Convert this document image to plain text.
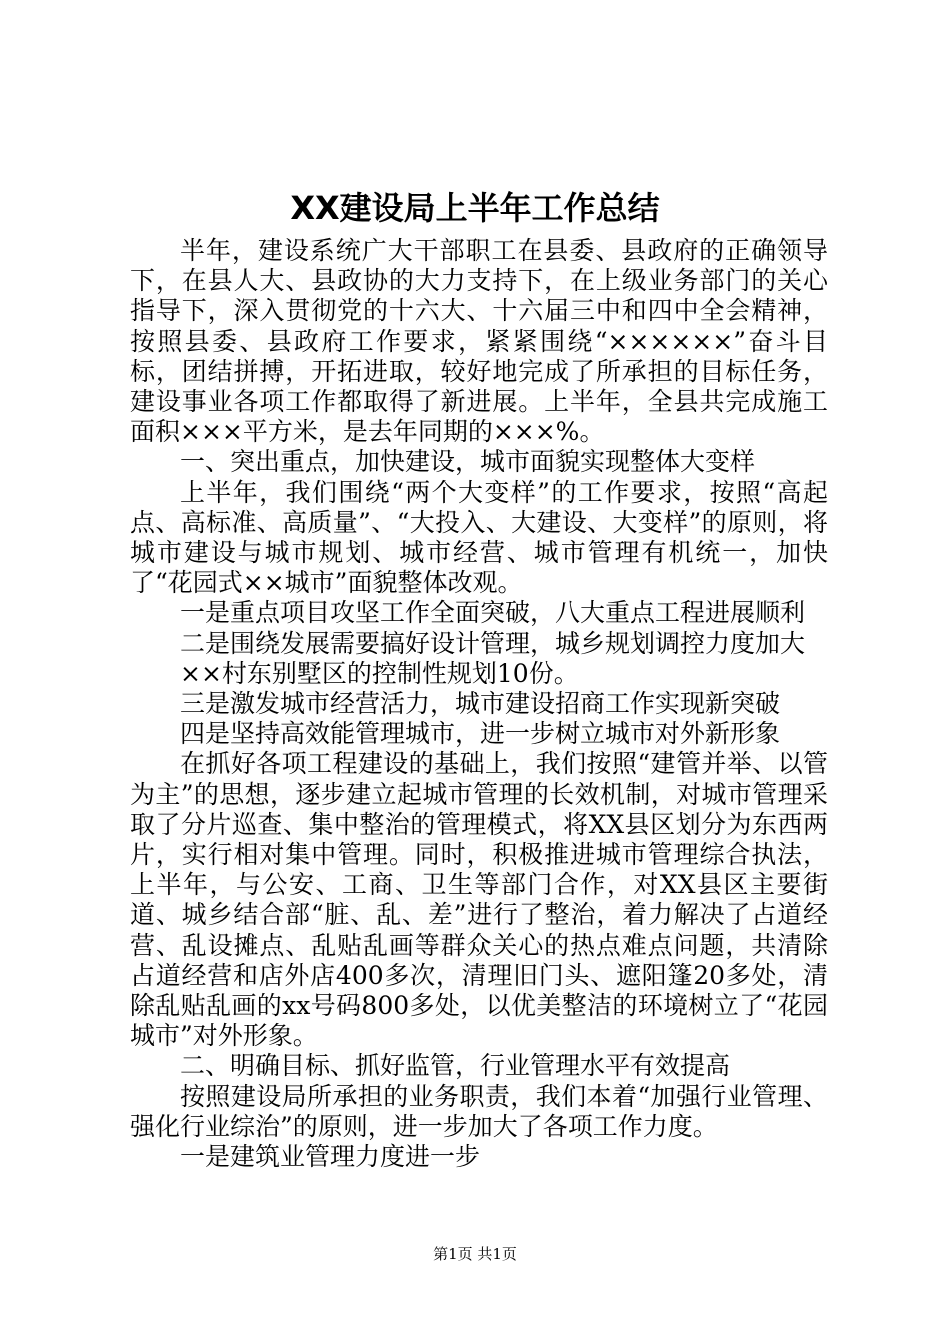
XX建设局上半年工作总结

半年，建设系统广大干部职工在县委、县政府的正确领导下，在县人大、县政协的大力支持下，在上级业务部门的关心指导下，深入贯彻党的十六大、十六届三中和四中全会精神，按照县委、县政府工作要求，紧紧围绕“××××××”奋斗目标，团结拼搏，开拓进取，较好地完成了所承担的目标任务，建设事业各项工作都取得了新进展。上半年，全县共完成施工面积×××平方米，是去年同期的×××%。

一、突出重点，加快建设，城市面貌实现整体大变样

上半年，我们围绕“两个大变样”的工作要求，按照“高起点、高标准、高质量”、“大投入、大建设、大变样”的原则，将城市建设与城市规划、城市经营、城市管理有机统一，加快了“花园式××城市”面貌整体改观。

一是重点项目攻坚工作全面突破，八大重点工程进展顺利

二是围绕发展需要搞好设计管理，城乡规划调控力度加大

××村东别墅区的控制性规划10份。

三是激发城市经营活力，城市建设招商工作实现新突破

四是坚持高效能管理城市，进一步树立城市对外新形象

在抓好各项工程建设的基础上，我们按照“建管并举、以管为主”的思想，逐步建立起城市管理的长效机制，对城市管理采取了分片巡查、集中整治的管理模式，将XX县区划分为东西两片，实行相对集中管理。同时，积极推进城市管理综合执法，上半年，与公安、工商、卫生等部门合作，对XX县区主要街道、城乡结合部“脏、乱、差”进行了整治，着力解决了占道经营、乱设摊点、乱贴乱画等群众关心的热点难点问题，共清除占道经营和店外店400多次，清理旧门头、遮阳篷20多处，清除乱贴乱画的xx号码800多处，以优美整洁的环境树立了“花园城市”对外形象。

二、明确目标、抓好监管，行业管理水平有效提高

按照建设局所承担的业务职责，我们本着“加强行业管理、强化行业综治”的原则，进一步加大了各项工作力度。

一是建筑业管理力度进一步

第1页 共1页
